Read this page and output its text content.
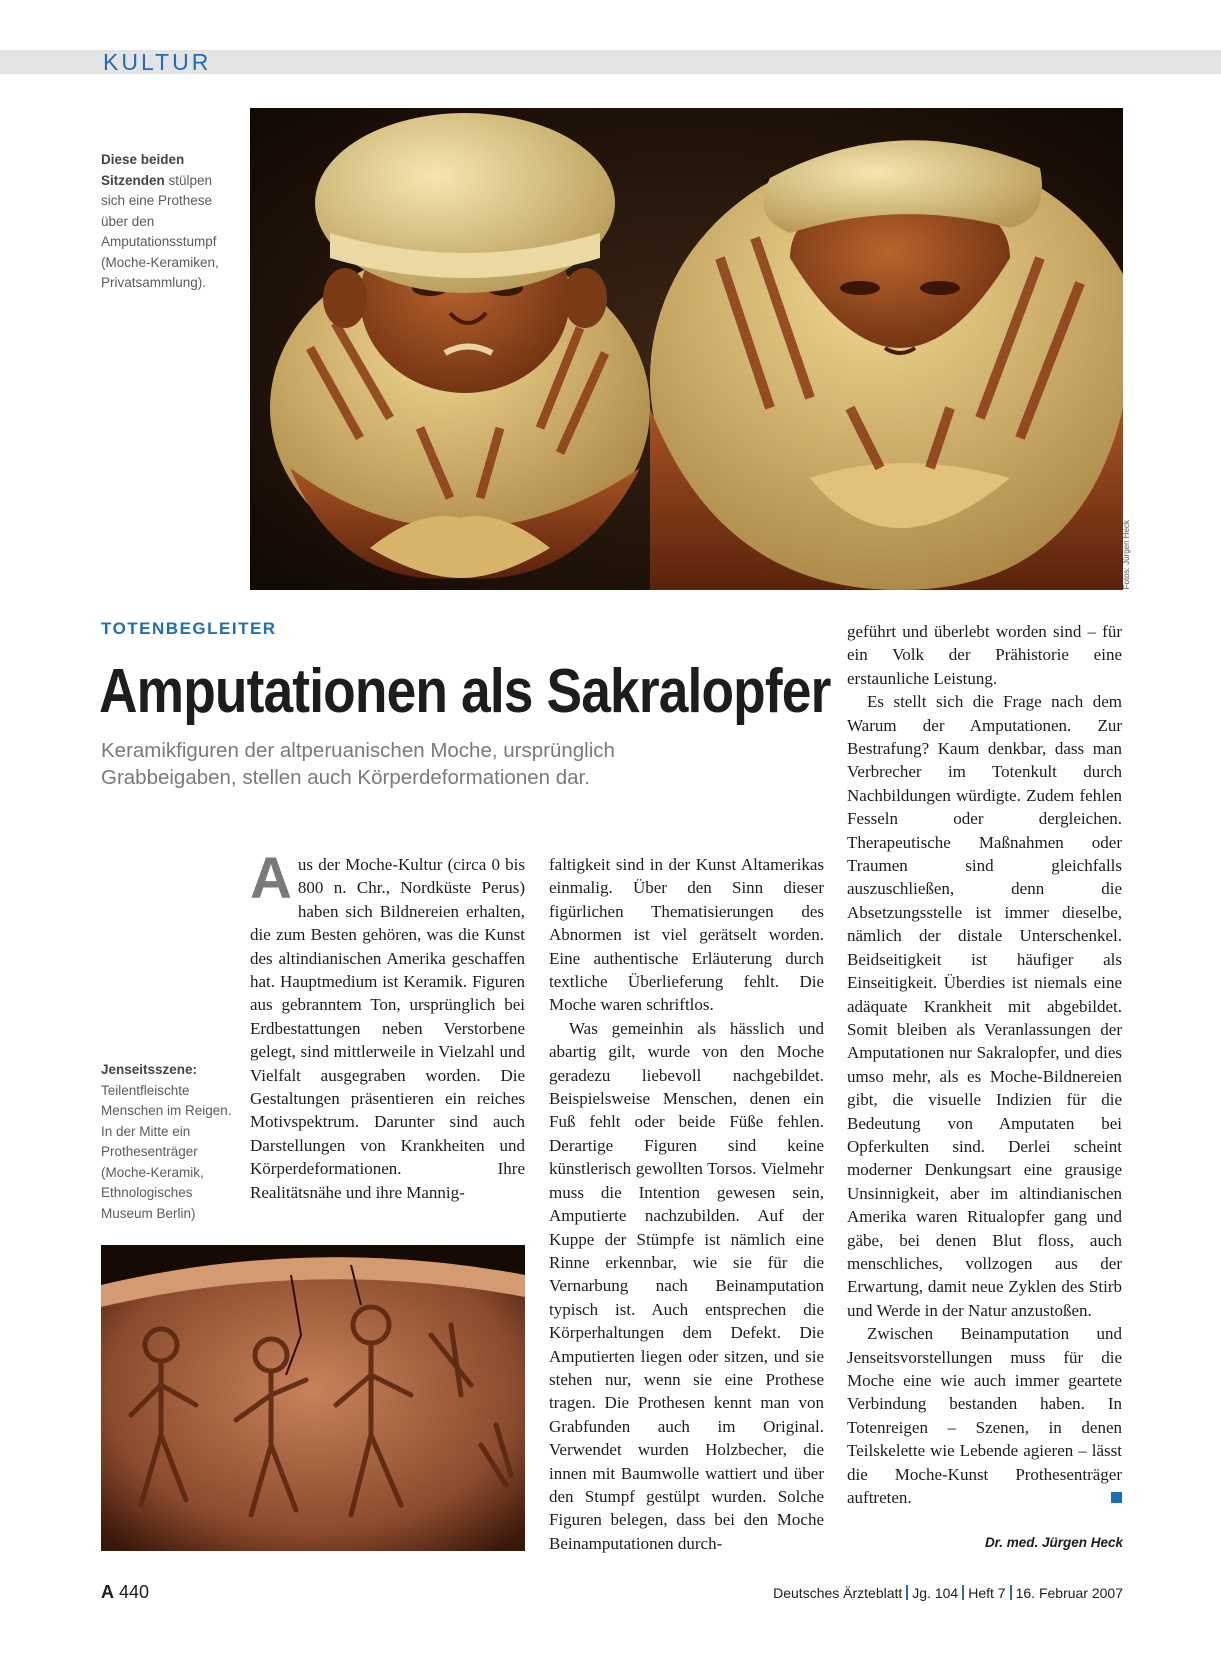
KULTUR
Diese beiden Sitzenden stülpen sich eine Prothese über den Amputationsstumpf (Moche-Keramiken, Privatsammlung).
Fotos: Jürgen Heck
TOTENBEGLEITER
Amputationen als Sakralopfer
Keramikfiguren der altperuanischen Moche, ursprünglich Grabbeigaben, stellen auch Körperdeformationen dar.

Aus der Moche-Kultur (circa 0 bis 800 n. Chr., Nordküste Perus) haben sich Bildnereien erhalten, die zum Besten gehören, was die Kunst des altindianischen Amerika geschaffen hat. Hauptmedium ist Keramik. Figuren aus gebranntem Ton, ursprünglich bei Erdbestattungen neben Verstorbene gelegt, sind mittlerweile in Vielzahl und Vielfalt ausgegraben worden. Die Gestaltungen präsentieren ein reiches Motivspektrum. Darunter sind auch Darstellungen von Krankheiten und Körperdeformationen. Ihre Realitätsnähe und ihre Mannig-

Jenseitsszene: Teilentfleischte Menschen im Reigen. In der Mitte ein Prothesenträger (Moche-Keramik, Ethnologisches Museum Berlin)

faltigkeit sind in der Kunst Altamerikas einmalig. Über den Sinn dieser figürlichen Thematisierungen des Abnormen ist viel gerätselt worden. Eine authentische Erläuterung durch textliche Überlieferung fehlt. Die Moche waren schriftlos.

Was gemeinhin als hässlich und abartig gilt, wurde von den Moche geradezu liebevoll nachgebildet. Beispielsweise Menschen, denen ein Fuß fehlt oder beide Füße fehlen. Derartige Figuren sind keine künstlerisch gewollten Torsos. Vielmehr muss die Intention gewesen sein, Amputierte nachzubilden. Auf der Kuppe der Stümpfe ist nämlich eine Rinne erkennbar, wie sie für die Vernarbung nach Beinamputation typisch ist. Auch entsprechen die Körperhaltungen dem Defekt. Die Amputierten liegen oder sitzen, und sie stehen nur, wenn sie eine Prothese tragen. Die Prothesen kennt man von Grabfunden auch im Original. Verwendet wurden Holzbecher, die innen mit Baumwolle wattiert und über den Stumpf gestülpt wurden. Solche Figuren belegen, dass bei den Moche Beinamputationen durch-

geführt und überlebt worden sind – für ein Volk der Prähistorie eine erstaunliche Leistung.

Es stellt sich die Frage nach dem Warum der Amputationen. Zur Bestrafung? Kaum denkbar, dass man Verbrecher im Totenkult durch Nachbildungen würdigte. Zudem fehlen Fesseln oder dergleichen. Therapeutische Maßnahmen oder Traumen sind gleichfalls auszuschließen, denn die Absetzungsstelle ist immer dieselbe, nämlich der distale Unterschenkel. Beidseitigkeit ist häufiger als Einseitigkeit. Überdies ist niemals eine adäquate Krankheit mit abgebildet. Somit bleiben als Veranlassungen der Amputationen nur Sakralopfer, und dies umso mehr, als es Moche-Bildnereien gibt, die visuelle Indizien für die Bedeutung von Amputaten bei Opferkulten sind. Derlei scheint moderner Denkungsart eine grausige Unsinnigkeit, aber im altindianischen Amerika waren Ritualopfer gang und gäbe, bei denen Blut floss, auch menschliches, vollzogen aus der Erwartung, damit neue Zyklen des Stirb und Werde in der Natur anzustoßen.

Zwischen Beinamputation und Jenseitsvorstellungen muss für die Moche eine wie auch immer geartete Verbindung bestanden haben. In Totenreigen – Szenen, in denen Teilskelette wie Lebende agieren – lässt die Moche-Kunst Prothesenträger auftreten.

Dr. med. Jürgen Heck
A 440	Deutsches Ärzteblatt Jg. 104 Heft 7 16. Februar 2007
